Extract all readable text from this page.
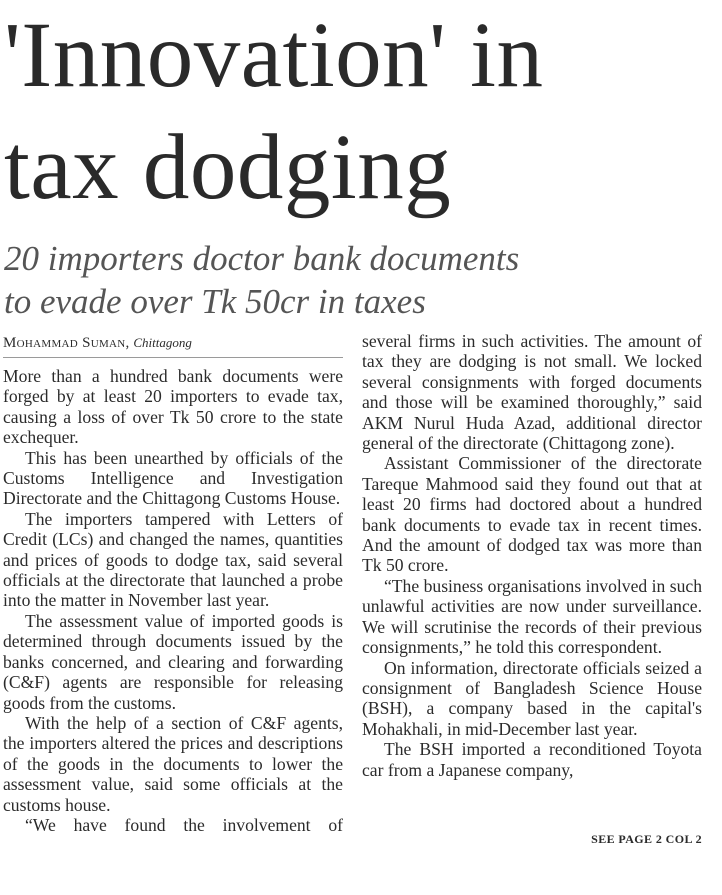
'Innovation' in
tax dodging
20 importers doctor bank documents
to evade over Tk 50cr in taxes
Mohammad Suman, Chittagong

More than a hundred bank documents were forged by at least 20 importers to evade tax, causing a loss of over Tk 50 crore to the state exchequer.

This has been unearthed by officials of the Customs Intelligence and Investigation Directorate and the Chittagong Customs House.

The importers tampered with Letters of Credit (LCs) and changed the names, quantities and prices of goods to dodge tax, said several officials at the directorate that launched a probe into the matter in November last year.

The assessment value of imported goods is determined through documents issued by the banks concerned, and clearing and forwarding (C&F) agents are responsible for releasing goods from the customs.

With the help of a section of C&F agents, the importers altered the prices and descriptions of the goods in the documents to lower the assessment value, said some officials at the customs house.

“We have found the involvement of

several firms in such activities. The amount of tax they are dodging is not small. We locked several consignments with forged documents and those will be examined thoroughly,” said AKM Nurul Huda Azad, additional director general of the directorate (Chittagong zone).

Assistant Commissioner of the directorate Tareque Mahmood said they found out that at least 20 firms had doctored about a hundred bank documents to evade tax in recent times. And the amount of dodged tax was more than Tk 50 crore.

“The business organisations involved in such unlawful activities are now under surveillance. We will scrutinise the records of their previous consignments,” he told this correspondent.

On information, directorate officials seized a consignment of Bangladesh Science House (BSH), a company based in the capital's Mohakhali, in mid-December last year.

The BSH imported a reconditioned Toyota car from a Japanese company,

SEE PAGE 2 COL 2
